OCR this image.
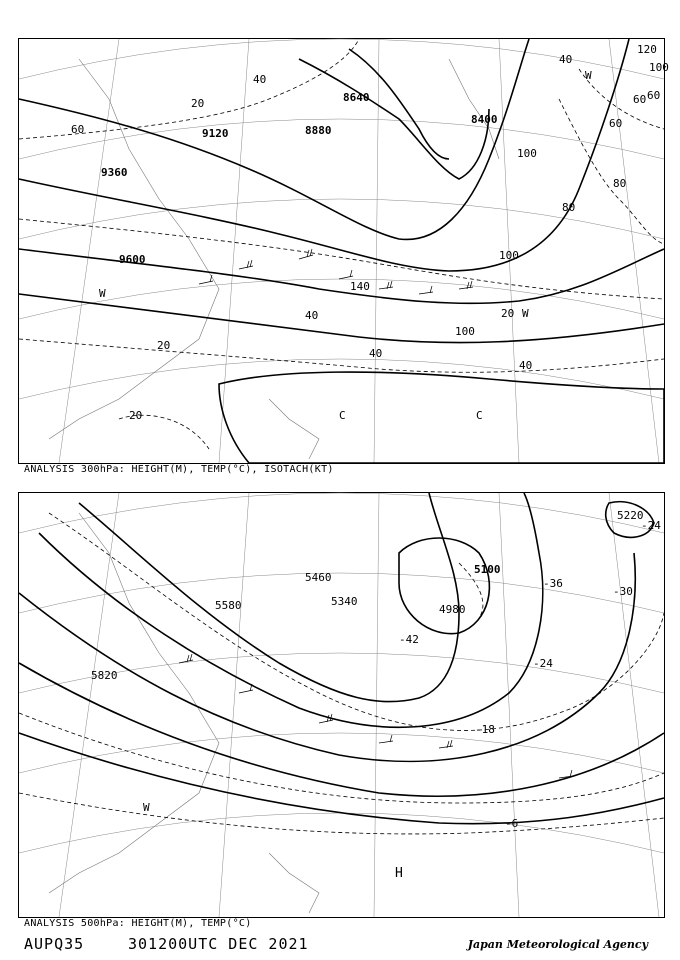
8640
8880
9120
9360
9600
8400
20
40
60
80
100
120
140
40
60
100
80
40
20
20
60
100
40
20
40
60
100
W
W
C	C
W
ANALYSIS 300hPa: HEIGHT(M), TEMP(°C), ISOTACH(KT)
5100
5220
5340
5580
5820
4980
5460
-30
-36
-24
-18
-6
-24
-42
H
W
ANALYSIS 500hPa: HEIGHT(M), TEMP(°C)
AUPQ35	301200UTC DEC 2021	Japan Meteorological Agency
